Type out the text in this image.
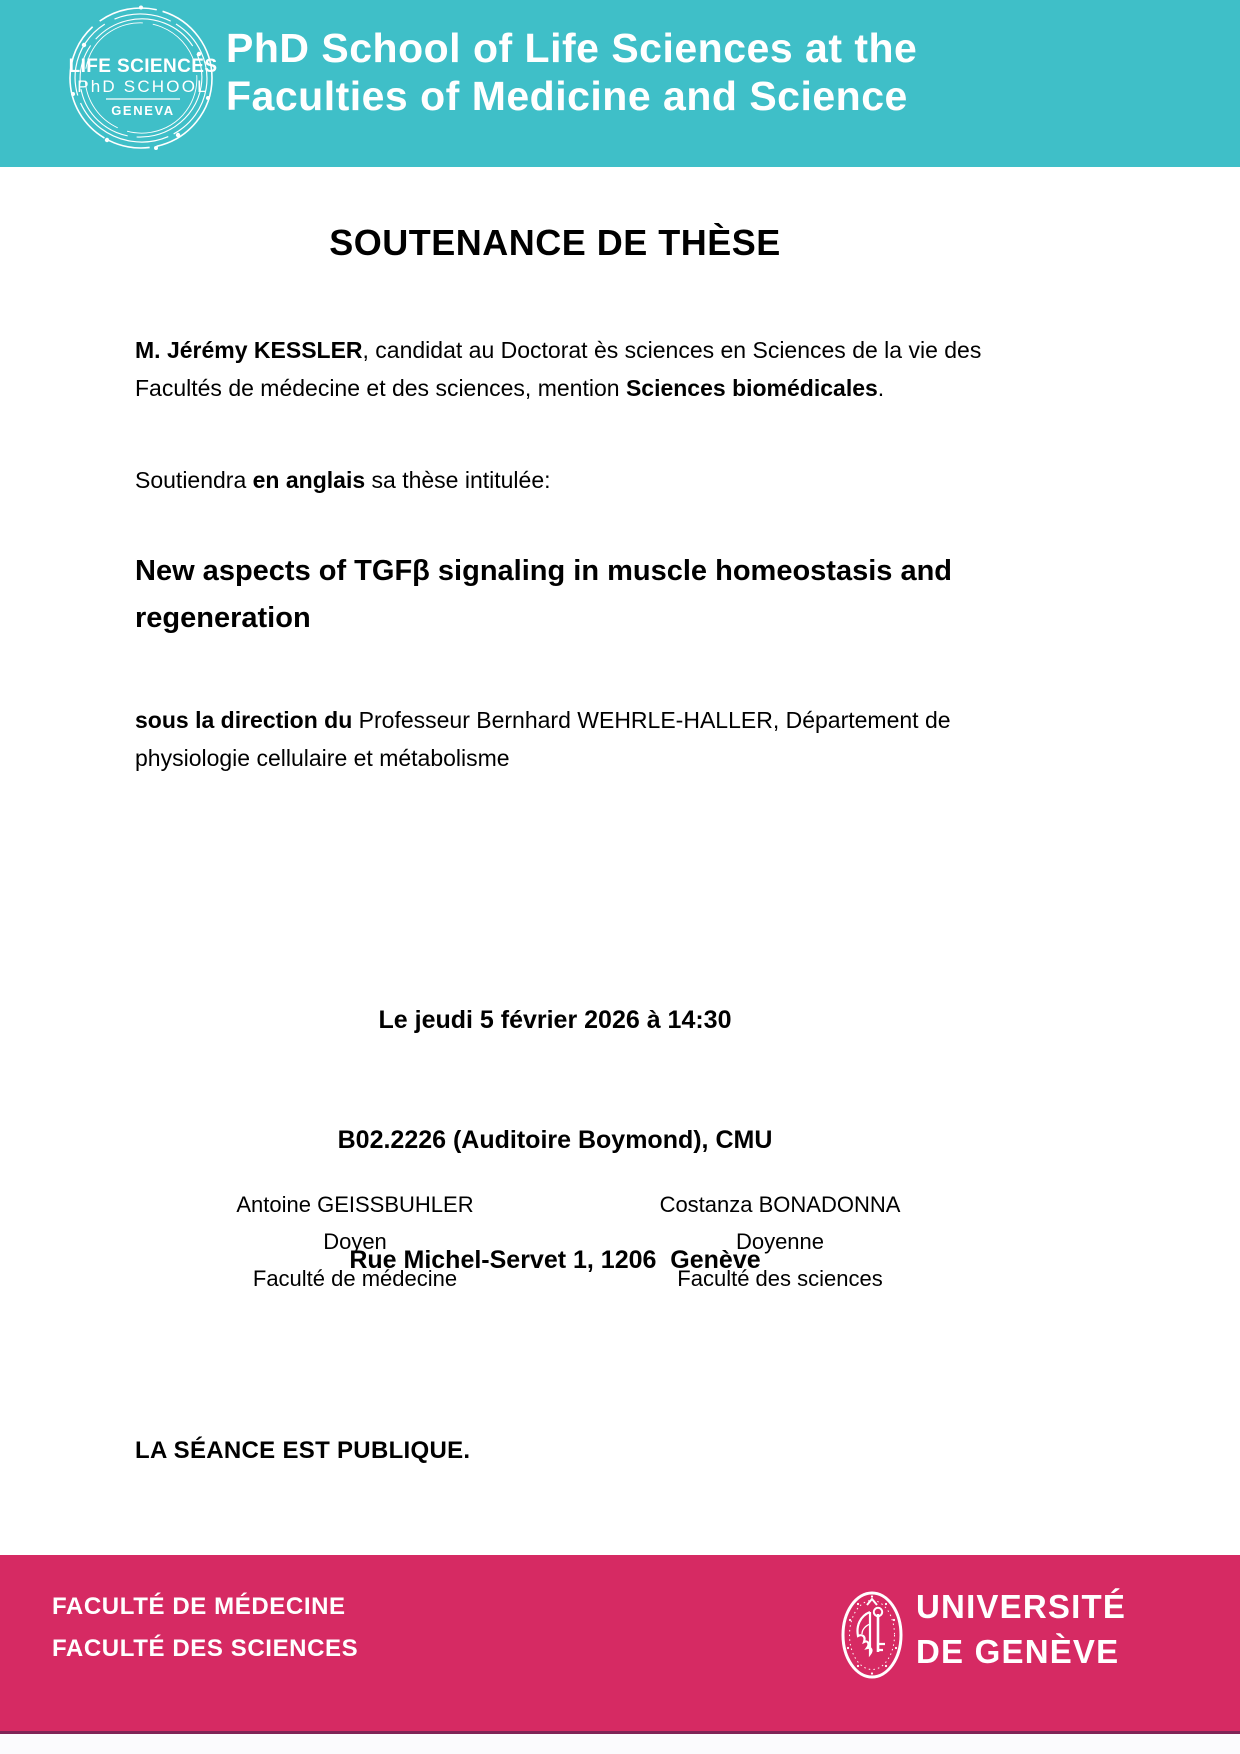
LIFE SCIENCES
PhD SCHOOL
GENEVA
PhD School of Life Sciences at the
Faculties of Medicine and Science
SOUTENANCE DE THÈSE
M. Jérémy KESSLER, candidat au Doctorat ès sciences en Sciences de la vie des
Facultés de médecine et des sciences, mention Sciences biomédicales.
Soutiendra en anglais sa thèse intitulée:
New aspects of TGFβ signaling in muscle homeostasis and
regeneration
sous la direction du Professeur Bernhard WEHRLE-HALLER, Département de
physiologie cellulaire et métabolisme

Le jeudi 5 février 2026 à 14:30

B02.2226 (Auditoire Boymond), CMU

Rue Michel-Servet 1, 1206  Genève

Antoine GEISSBUHLER
Doyen
Faculté de médecine
Costanza BONADONNA
Doyenne
Faculté des sciences
LA SÉANCE EST PUBLIQUE.
FACULTÉ DE MÉDECINE
FACULTÉ DES SCIENCES
UNIVERSITÉ
DE GENÈVE
